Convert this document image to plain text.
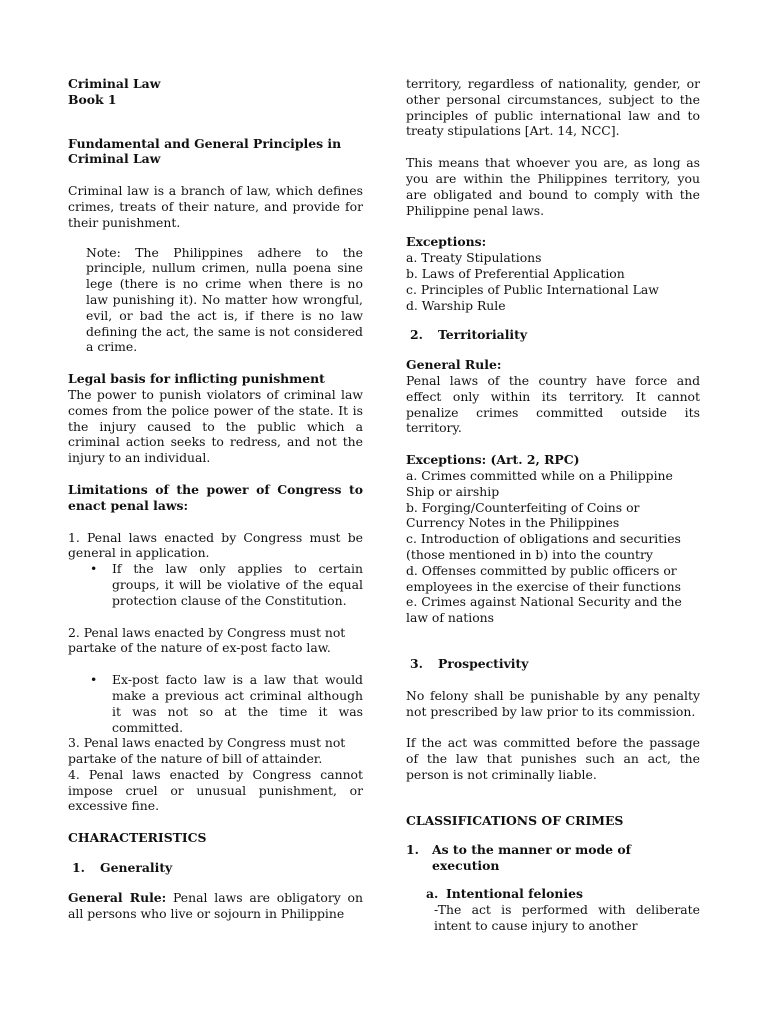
Criminal Law

Book 1

Fundamental and General Principles in Criminal Law

Criminal law is a branch of law, which defines crimes, treats of their nature, and provide for their punishment.

Note: The Philippines adhere to the principle, nullum crimen, nulla poena sine lege (there is no crime when there is no law punishing it). No matter how wrongful, evil, or bad the act is, if there is no law defining the act, the same is not considered a crime.

Legal basis for inflicting punishment

The power to punish violators of criminal law comes from the police power of the state. It is the injury caused to the public which a criminal action seeks to redress, and not the injury to an individual.

Limitations of the power of Congress to enact penal laws:

1. Penal laws enacted by Congress must be general in application.

•	If the law only applies to certain groups, it will be violative of the equal protection clause of the Constitution.

2. Penal laws enacted by Congress must not partake of the nature of ex-post facto law.

•	Ex-post facto law is a law that would make a previous act criminal although it was not so at the time it was committed.

3. Penal laws enacted by Congress must not partake of the nature of bill of attainder.

4. Penal laws enacted by Congress cannot impose cruel or unusual punishment, or excessive fine.

CHARACTERISTICS

1.	Generality

General Rule: Penal laws are obligatory on all persons who live or sojourn in Philippine

territory, regardless of nationality, gender, or other personal circumstances, subject to the principles of public international law and to treaty stipulations [Art. 14, NCC].

This means that whoever you are, as long as you are within the Philippines territory, you are obligated and bound to comply with the Philippine penal laws.

Exceptions:

a. Treaty Stipulations

b. Laws of Preferential Application

c. Principles of Public International Law

d. Warship Rule

2.	Territoriality

General Rule:

Penal laws of the country have force and effect only within its territory. It cannot penalize crimes committed outside its territory.

Exceptions: (Art. 2, RPC)

a. Crimes committed while on a Philippine Ship or airship

b. Forging/Counterfeiting of Coins or Currency Notes in the Philippines

c. Introduction of obligations and securities (those mentioned in b) into the country

d. Offenses committed by public officers or employees in the exercise of their functions

e. Crimes against National Security and the law of nations

3.	Prospectivity

No felony shall be punishable by any penalty not prescribed by law prior to its commission.

If the act was committed before the passage of the law that punishes such an act, the person is not criminally liable.

CLASSIFICATIONS OF CRIMES

1.	As to the manner or mode of execution
a. Intentional felonies

-The act is performed with deliberate intent to cause injury to another
